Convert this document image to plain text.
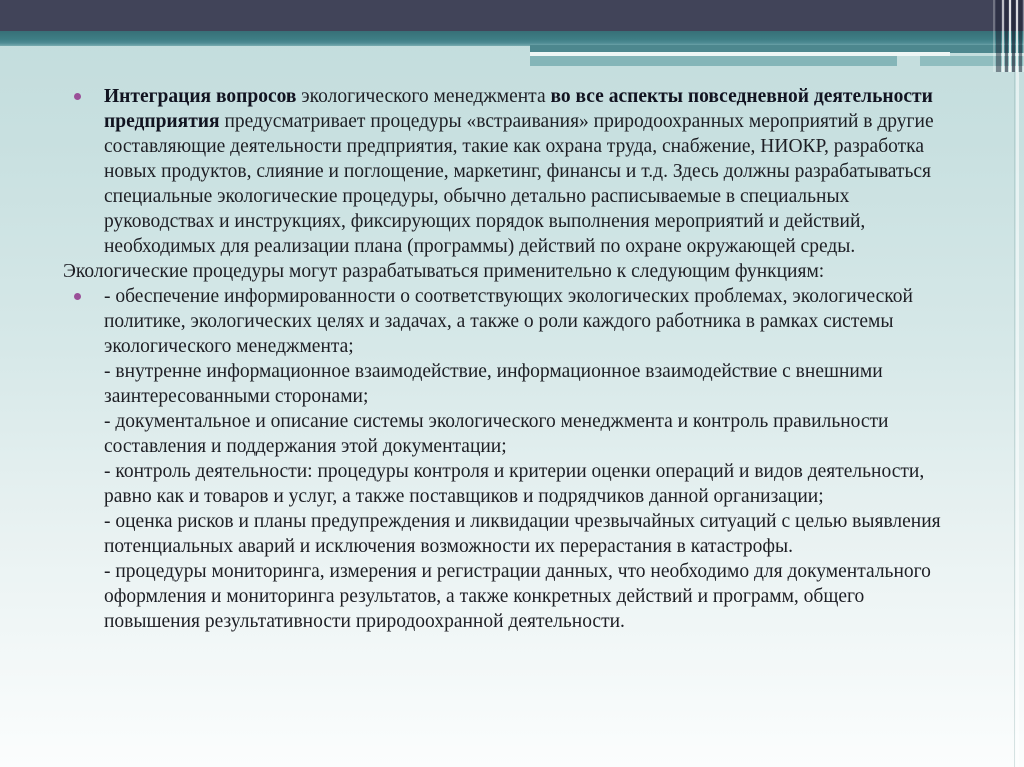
Интеграция вопросов экологического менеджмента во все аспекты повседневной деятельности предприятия предусматривает процедуры «встраивания» природоохранных мероприятий в другие составляющие деятельности предприятия, такие как охрана труда, снабжение, НИОКР, разработка новых продуктов, слияние и поглощение, маркетинг, финансы и т.д. Здесь должны разрабатываться специальные экологические процедуры, обычно детально расписываемые в специальных руководствах и инструкциях, фиксирующих порядок выполнения мероприятий и действий, необходимых для реализации плана (программы) действий по охране окружающей среды.
Экологические процедуры могут разрабатываться применительно к следующим функциям:
- обеспечение информированности о соответствующих экологических проблемах, экологической политике, экологических целях и задачах, а также о роли каждого работника в рамках системы экологического менеджмента;
- внутренне информационное взаимодействие, информационное взаимодействие с внешними заинтересованными сторонами;
- документальное и описание системы экологического менеджмента и контроль правильности составления и поддержания этой документации;
- контроль деятельности: процедуры контроля и критерии оценки операций и видов деятельности, равно как и товаров и услуг, а также поставщиков и подрядчиков данной организации;
- оценка рисков и планы предупреждения и ликвидации чрезвычайных ситуаций с целью выявления потенциальных аварий и исключения возможности их перерастания в катастрофы.
- процедуры мониторинга, измерения и регистрации данных, что необходимо для документального оформления и мониторинга результатов, а также конкретных действий и программ, общего повышения результативности природоохранной деятельности.
